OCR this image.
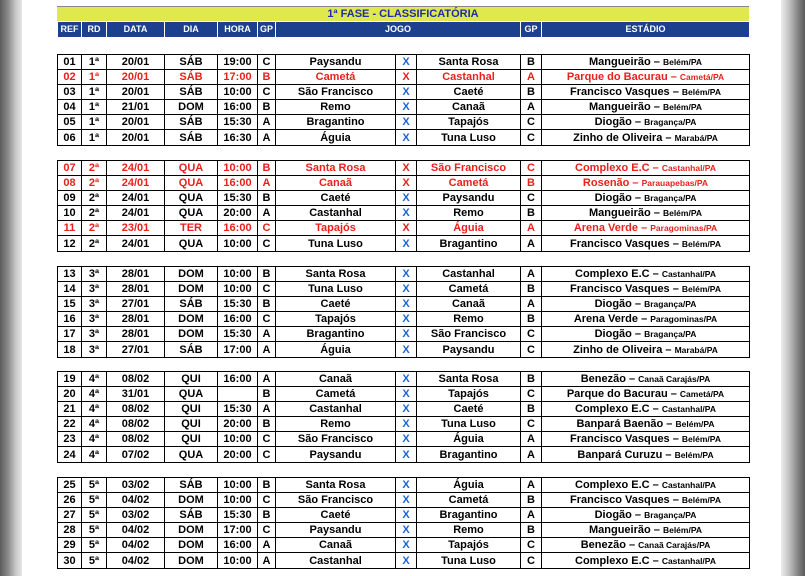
1ª FASE - CLASSIFICATÓRIA
REF	RD	DATA	DIA	HORA	GP	JOGO	GP	ESTÁDIO
01	1ª	20/01	SÁB	19:00	C	Paysandu	X	Santa Rosa	B	Mangueirão – Belém/PA
02	1ª	20/01	SÁB	17:00	B	Cametá	X	Castanhal	A	Parque do Bacurau – Cametá/PA
03	1ª	20/01	SÁB	10:00	C	São Francisco	X	Caeté	B	Francisco Vasques – Belém/PA
04	1ª	21/01	DOM	16:00	B	Remo	X	Canaã	A	Mangueirão – Belém/PA
05	1ª	20/01	SÁB	15:30	A	Bragantino	X	Tapajós	C	Diogão – Bragança/PA
06	1ª	20/01	SÁB	16:30	A	Águia	X	Tuna Luso	C	Zinho de Oliveira – Marabá/PA
07	2ª	24/01	QUA	10:00	B	Santa Rosa	X	São Francisco	C	Complexo E.C – Castanhal/PA
08	2ª	24/01	QUA	16:00	A	Canaã	X	Cametá	B	Rosenão – Parauapebas/PA
09	2ª	24/01	QUA	15:30	B	Caeté	X	Paysandu	C	Diogão – Bragança/PA
10	2ª	24/01	QUA	20:00	A	Castanhal	X	Remo	B	Mangueirão – Belém/PA
11	2ª	23/01	TER	16:00	C	Tapajós	X	Águia	A	Arena Verde – Paragominas/PA
12	2ª	24/01	QUA	10:00	C	Tuna Luso	X	Bragantino	A	Francisco Vasques – Belém/PA
13	3ª	28/01	DOM	10:00	B	Santa Rosa	X	Castanhal	A	Complexo E.C – Castanhal/PA
14	3ª	28/01	DOM	10:00	C	Tuna Luso	X	Cametá	B	Francisco Vasques – Belém/PA
15	3ª	27/01	SÁB	15:30	B	Caeté	X	Canaã	A	Diogão – Bragança/PA
16	3ª	28/01	DOM	16:00	C	Tapajós	X	Remo	B	Arena Verde – Paragominas/PA
17	3ª	28/01	DOM	15:30	A	Bragantino	X	São Francisco	C	Diogão – Bragança/PA
18	3ª	27/01	SÁB	17:00	A	Águia	X	Paysandu	C	Zinho de Oliveira – Marabá/PA
19	4ª	08/02	QUI	16:00	A	Canaã	X	Santa Rosa	B	Benezão – Canaã Carajás/PA
20	4ª	31/01	QUA		B	Cametá	X	Tapajós	C	Parque do Bacurau – Cametá/PA
21	4ª	08/02	QUI	15:30	A	Castanhal	X	Caeté	B	Complexo E.C – Castanhal/PA
22	4ª	08/02	QUI	20:00	B	Remo	X	Tuna Luso	C	Banpará Baenão – Belém/PA
23	4ª	08/02	QUI	10:00	C	São Francisco	X	Águia	A	Francisco Vasques – Belém/PA
24	4ª	07/02	QUA	20:00	C	Paysandu	X	Bragantino	A	Banpará Curuzu – Belém/PA
25	5ª	03/02	SÁB	10:00	B	Santa Rosa	X	Águia	A	Complexo E.C – Castanhal/PA
26	5ª	04/02	DOM	10:00	C	São Francisco	X	Cametá	B	Francisco Vasques – Belém/PA
27	5ª	03/02	SÁB	15:30	B	Caeté	X	Bragantino	A	Diogão – Bragança/PA
28	5ª	04/02	DOM	17:00	C	Paysandu	X	Remo	B	Mangueirão – Belém/PA
29	5ª	04/02	DOM	16:00	A	Canaã	X	Tapajós	C	Benezão – Canaã Carajás/PA
30	5ª	04/02	DOM	10:00	A	Castanhal	X	Tuna Luso	C	Complexo E.C – Castanhal/PA
